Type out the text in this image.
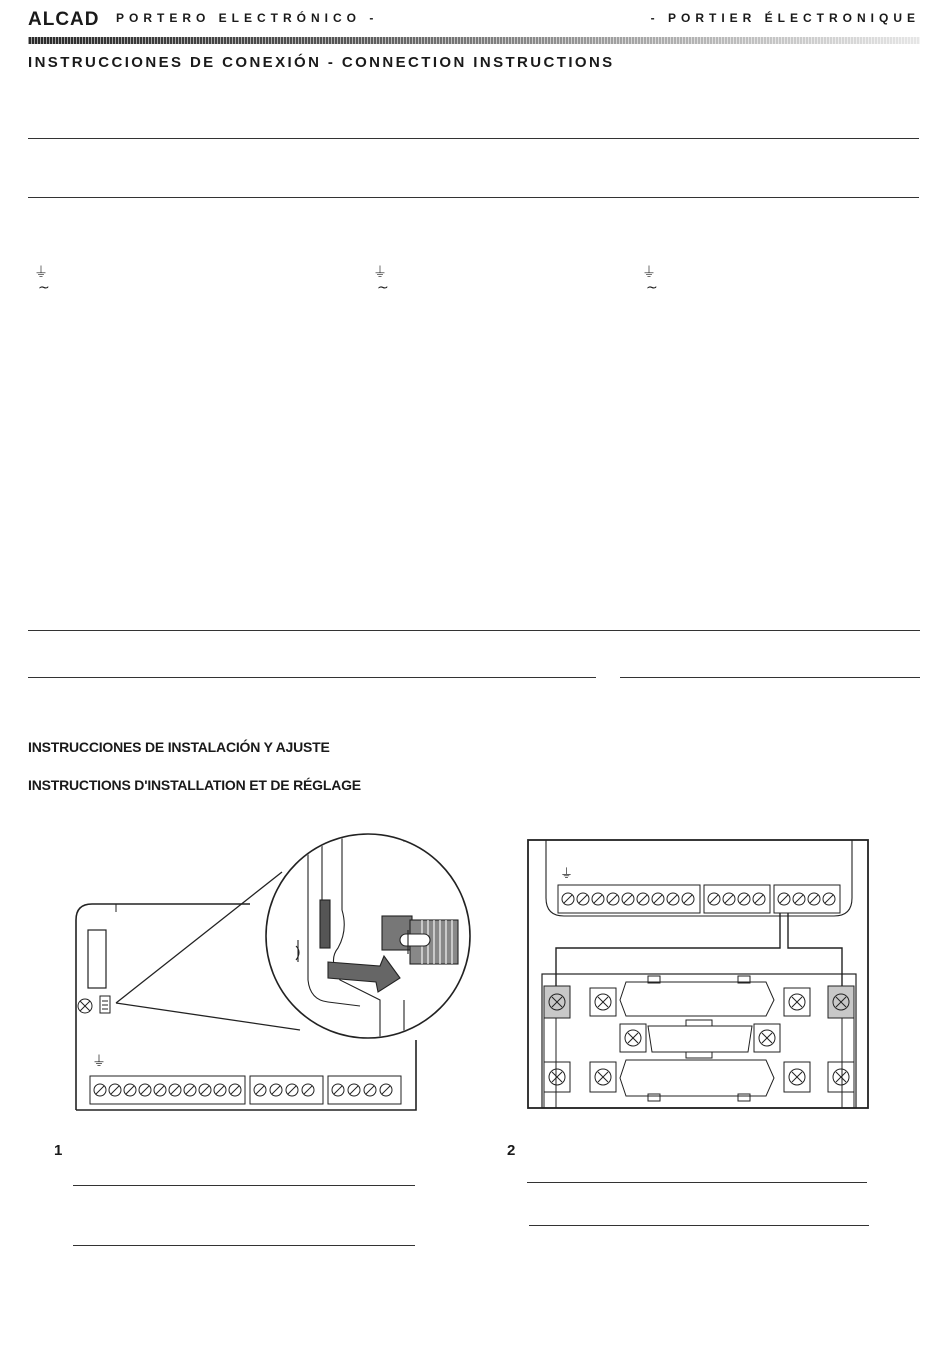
ALCAD PORTERO ELECTRÓNICO -	- PORTIER ÉLECTRONIQUE
INSTRUCCIONES DE CONEXIÓN - CONNECTION INSTRUCTIONS
⏚
~
⏚
~
⏚
~
INSTRUCCIONES DE INSTALACIÓN Y AJUSTE
INSTRUCTIONS D'INSTALLATION ET DE RÉGLAGE
⏚
1
⏚
2
